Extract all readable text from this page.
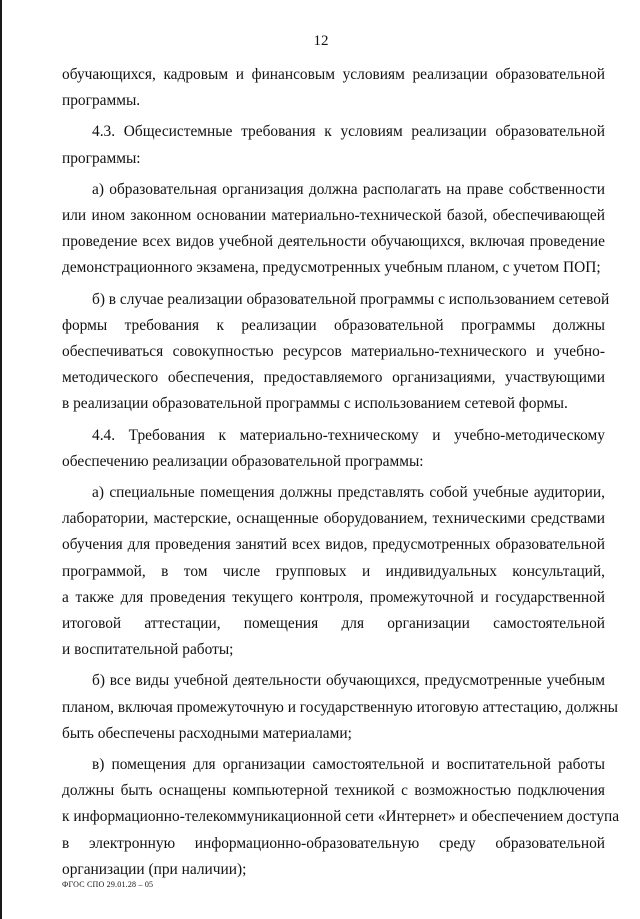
12
обучающихся, кадровым и финансовым условиям реализации образовательной
программы.
4.3. Общесистемные требования к условиям реализации образовательной
программы:
а) образовательная организация должна располагать на праве собственности
или ином законном основании материально-технической базой, обеспечивающей
проведение всех видов учебной деятельности обучающихся, включая проведение
демонстрационного экзамена, предусмотренных учебным планом, с учетом ПОП;
б) в случае реализации образовательной программы с использованием сетевой
формы требования к реализации образовательной программы должны
обеспечиваться совокупностью ресурсов материально-технического и учебно-
методического обеспечения, предоставляемого организациями, участвующими
в реализации образовательной программы с использованием сетевой формы.
4.4. Требования к материально-техническому и учебно-методическому
обеспечению реализации образовательной программы:
а) специальные помещения должны представлять собой учебные аудитории,
лаборатории, мастерские, оснащенные оборудованием, техническими средствами
обучения для проведения занятий всех видов, предусмотренных образовательной
программой, в том числе групповых и индивидуальных консультаций,
а также для проведения текущего контроля, промежуточной и государственной
итоговой аттестации, помещения для организации самостоятельной
и воспитательной работы;
б) все виды учебной деятельности обучающихся, предусмотренные учебным
планом, включая промежуточную и государственную итоговую аттестацию, должны
быть обеспечены расходными материалами;
в) помещения для организации самостоятельной и воспитательной работы
должны быть оснащены компьютерной техникой с возможностью подключения
к информационно-телекоммуникационной сети «Интернет» и обеспечением доступа
в электронную информационно-образовательную среду образовательной
организации (при наличии);
ФГОС СПО 29.01.28 – 05
